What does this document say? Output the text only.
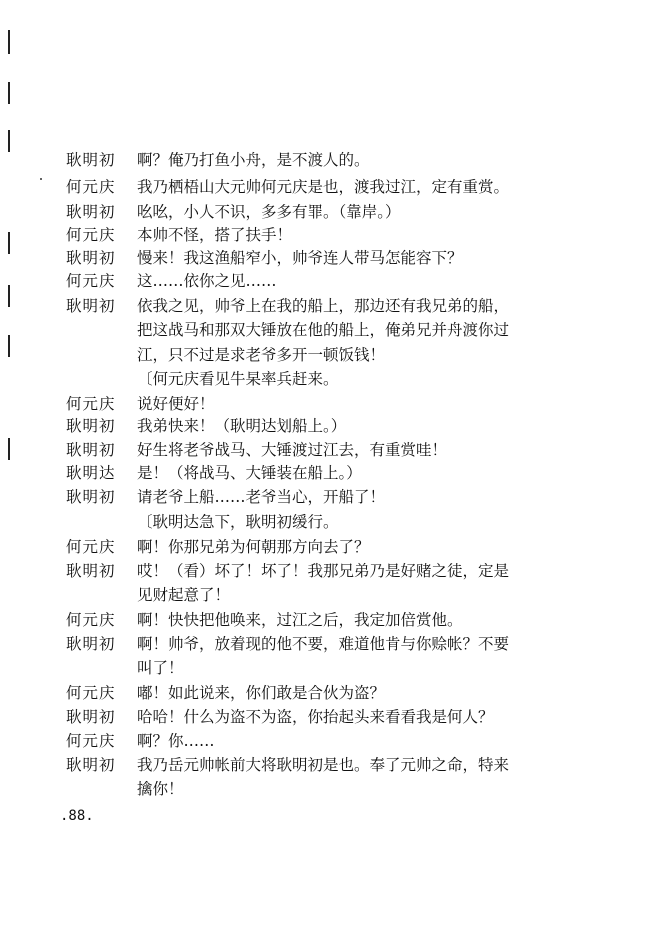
耿明初 啊？俺乃打鱼小舟，是不渡人的。
何元庆 我乃栖梧山大元帅何元庆是也，渡我过江，定有重赏。
耿明初 吆吆，小人不识，多多有罪。（靠岸。）
何元庆 本帅不怪，搭了扶手！
耿明初 慢来！我这渔船窄小，帅爷连人带马怎能容下？
何元庆 这……依你之见……
耿明初 依我之见，帅爷上在我的船上，那边还有我兄弟的船，
把这战马和那双大锤放在他的船上，俺弟兄并舟渡你过
江，只不过是求老爷多开一顿饭钱！
〔何元庆看见牛杲率兵赶来。
何元庆 说好便好！
耿明初 我弟快来！（耿明达划船上。）
耿明初 好生将老爷战马、大锤渡过江去，有重赏哇！
耿明达 是！（将战马、大锤装在船上。）
耿明初 请老爷上船……老爷当心，开船了！
〔耿明达急下，耿明初缓行。
何元庆 啊！你那兄弟为何朝那方向去了？
耿明初 哎！（看）坏了！坏了！我那兄弟乃是好赌之徒，定是
见财起意了！
何元庆 啊！快快把他唤来，过江之后，我定加倍赏他。
耿明初 啊！帅爷，放着现的他不要，难道他肯与你赊帐？不要
叫了！
何元庆 嘟！如此说来，你们敢是合伙为盗？
耿明初 哈哈！什么为盗不为盗，你抬起头来看看我是何人？
何元庆 啊？你……
耿明初 我乃岳元帅帐前大将耿明初是也。奉了元帅之命，特来
擒你！
.88.
